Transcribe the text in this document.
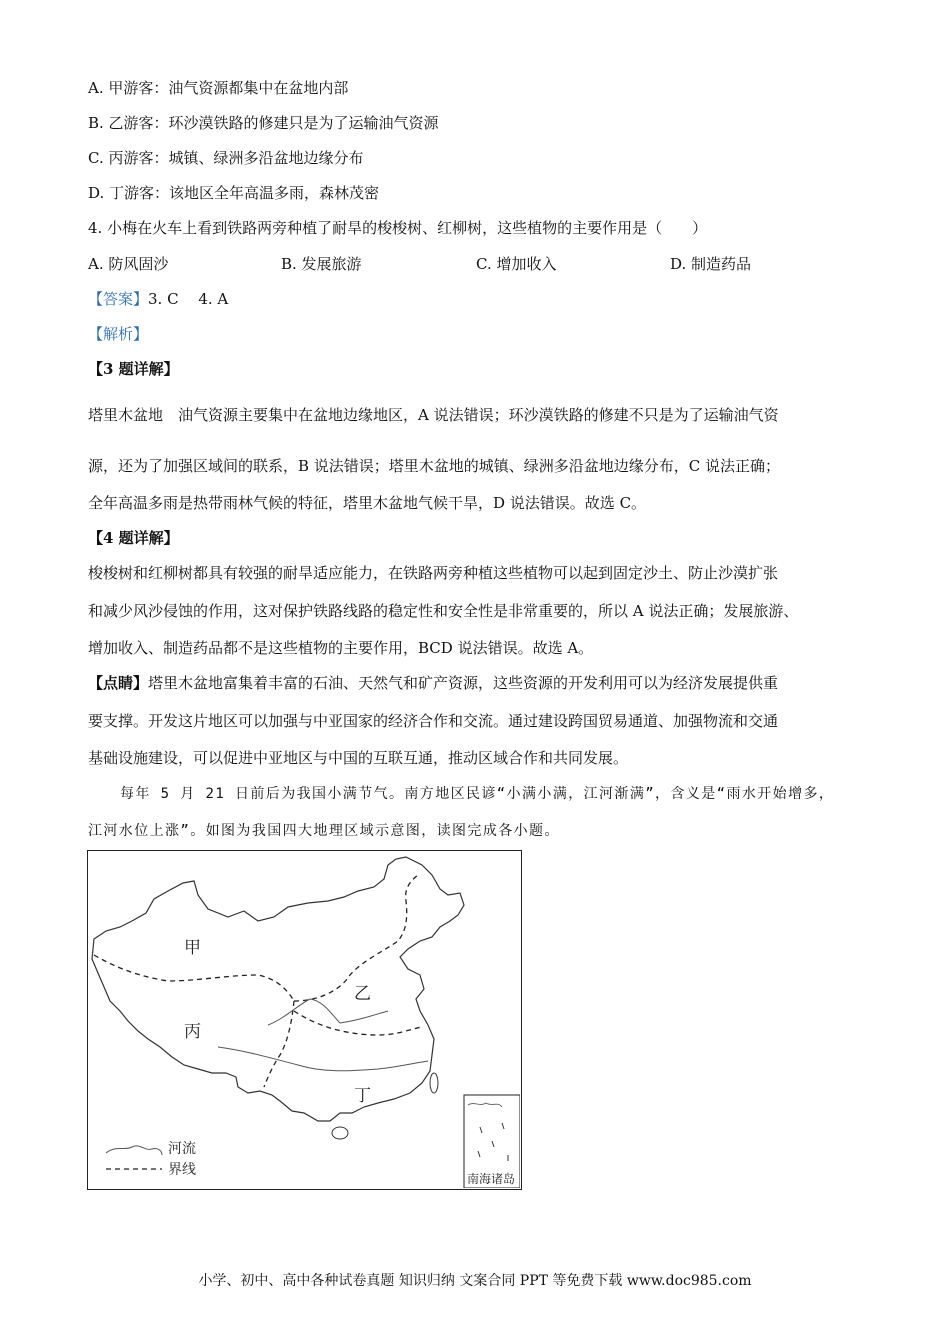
A. 甲游客：油气资源都集中在盆地内部
B. 乙游客：环沙漠铁路的修建只是为了运输油气资源
C. 丙游客：城镇、绿洲多沿盆地边缘分布
D. 丁游客：该地区全年高温多雨，森林茂密
4. 小梅在火车上看到铁路两旁种植了耐旱的梭梭树、红柳树，这些植物的主要作用是（　　）
A. 防风固沙	B. 发展旅游	C. 增加收入	D. 制造药品
【答案】3. C　 4. A
【解析】
【3 题详解】
塔里木盆地　油气资源主要集中在盆地边缘地区，A 说法错误；环沙漠铁路的修建不只是为了运输油气资
源，还为了加强区域间的联系，B 说法错误；塔里木盆地的城镇、绿洲多沿盆地边缘分布，C 说法正确；
全年高温多雨是热带雨林气候的特征，塔里木盆地气候干旱，D 说法错误。故选 C。
【4 题详解】
梭梭树和红柳树都具有较强的耐旱适应能力，在铁路两旁种植这些植物可以起到固定沙土、防止沙漠扩张
和减少风沙侵蚀的作用，这对保护铁路线路的稳定性和安全性是非常重要的，所以 A 说法正确；发展旅游、
增加收入、制造药品都不是这些植物的主要作用，BCD 说法错误。故选 A。
【点睛】塔里木盆地富集着丰富的石油、天然气和矿产资源，这些资源的开发利用可以为经济发展提供重
要支撑。开发这片地区可以加强与中亚国家的经济合作和交流。通过建设跨国贸易通道、加强物流和交通
基础设施建设，可以促进中亚地区与中国的互联互通，推动区域合作和共同发展。
每年 5 月 21 日前后为我国小满节气。南方地区民谚“小满小满，江河渐满”，含义是“雨水开始增多，
江河水位上涨”。如图为我国四大地理区域示意图，读图完成各小题。
甲
乙
丙
丁
河流
界线
南海诸岛
小学、初中、高中各种试卷真题 知识归纳 文案合同 PPT 等免费下载 www.doc985.com
